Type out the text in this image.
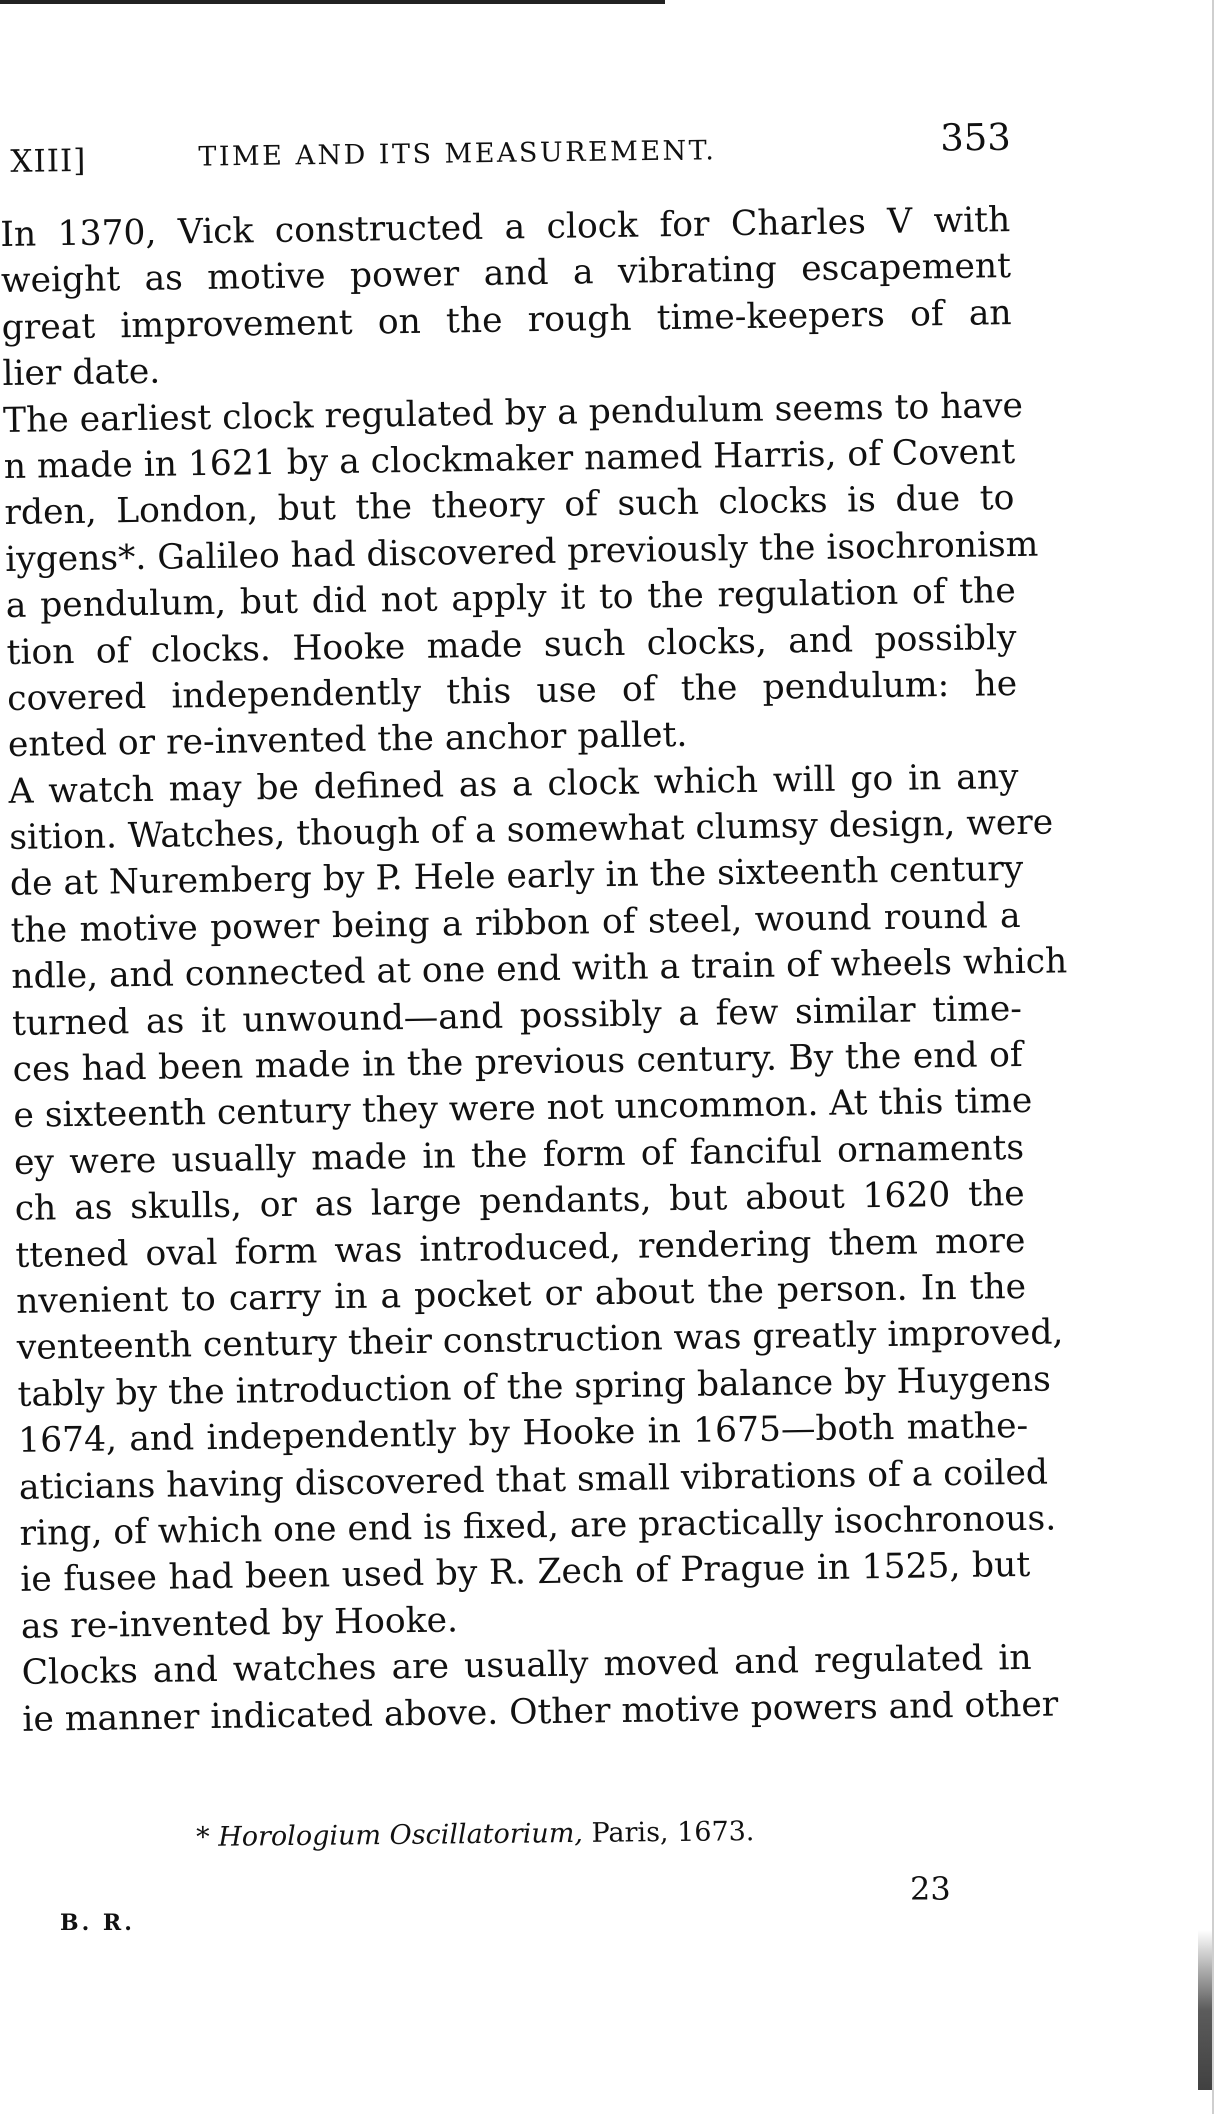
XIII]	TIME AND ITS MEASUREMENT.	353
In 1370, Vick constructed a clock for Charles V with
weight as motive power and a vibrating escapement
great improvement on the rough time-keepers of an
lier date.
The earliest clock regulated by a pendulum seems to have
n made in 1621 by a clockmaker named Harris, of Covent
rden, London, but the theory of such clocks is due to
iygens*. Galileo had discovered previously the isochronism
a pendulum, but did not apply it to the regulation of the
tion of clocks. Hooke made such clocks, and possibly
covered independently this use of the pendulum: he
ented or re-invented the anchor pallet.
A watch may be defined as a clock which will go in any
sition. Watches, though of a somewhat clumsy design, were
de at Nuremberg by P. Hele early in the sixteenth century
the motive power being a ribbon of steel, wound round a
ndle, and connected at one end with a train of wheels which
turned as it unwound—and possibly a few similar time-
ces had been made in the previous century. By the end of
e sixteenth century they were not uncommon. At this time
ey were usually made in the form of fanciful ornaments
ch as skulls, or as large pendants, but about 1620 the
ttened oval form was introduced, rendering them more
nvenient to carry in a pocket or about the person. In the
venteenth century their construction was greatly improved,
tably by the introduction of the spring balance by Huygens
1674, and independently by Hooke in 1675—both mathe-
aticians having discovered that small vibrations of a coiled
ring, of which one end is fixed, are practically isochronous.
ie fusee had been used by R. Zech of Prague in 1525, but
as re-invented by Hooke.
Clocks and watches are usually moved and regulated in
ie manner indicated above. Other motive powers and other
* Horologium Oscillatorium, Paris, 1673.
B. R.
23
